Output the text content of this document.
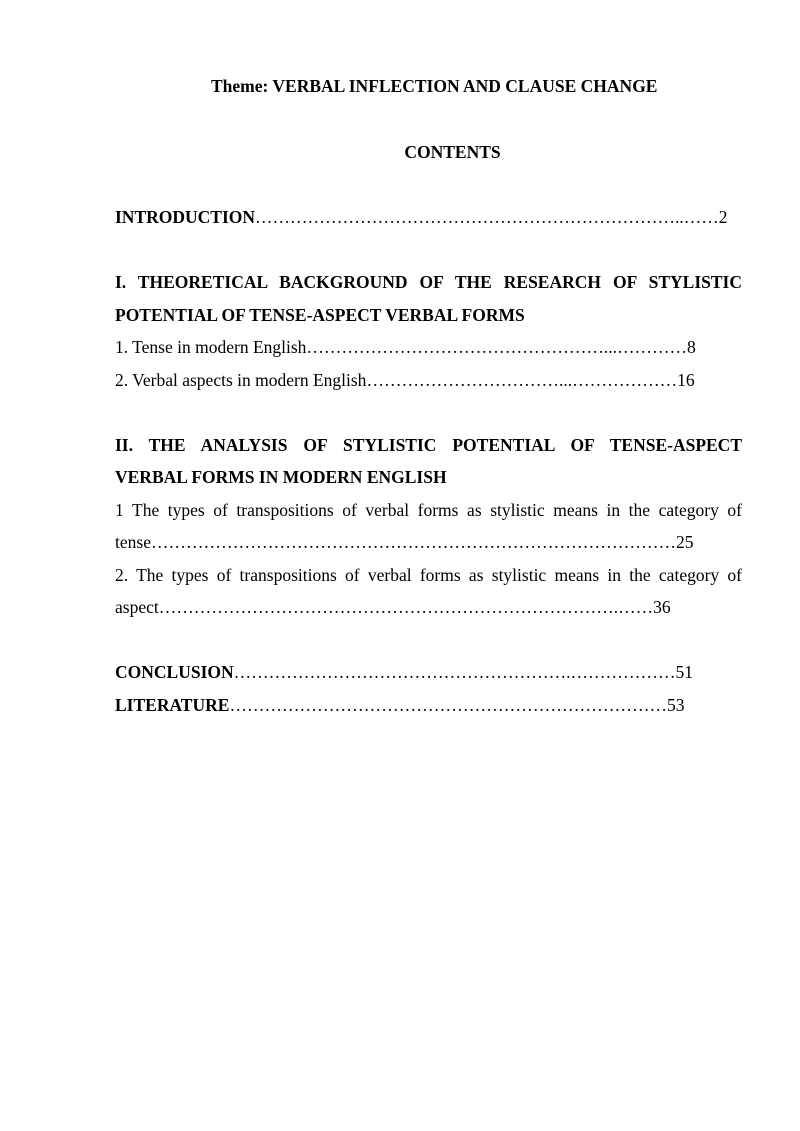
Theme: VERBAL INFLECTION AND CLAUSE CHANGE
CONTENTS
INTRODUCTION………………………………………………………………..……2
I. THEORETICAL BACKGROUND OF THE RESEARCH OF STYLISTIC
POTENTIAL OF TENSE-ASPECT VERBAL FORMS
1. Tense in modern English……………………………………………...…………8
2. Verbal aspects in modern English……………………………...………………16
II. THE ANALYSIS OF STYLISTIC POTENTIAL OF TENSE-ASPECT
VERBAL FORMS IN MODERN ENGLISH
1 The types of transpositions of verbal forms as stylistic means in the category of
tense………………………………………………………………………………25
2. The types of transpositions of verbal forms as stylistic means in the category of
aspect…………………………………………………………………….……36
CONCLUSION………………………………………………….………………51
LITERATURE…………………………………………………………………53
